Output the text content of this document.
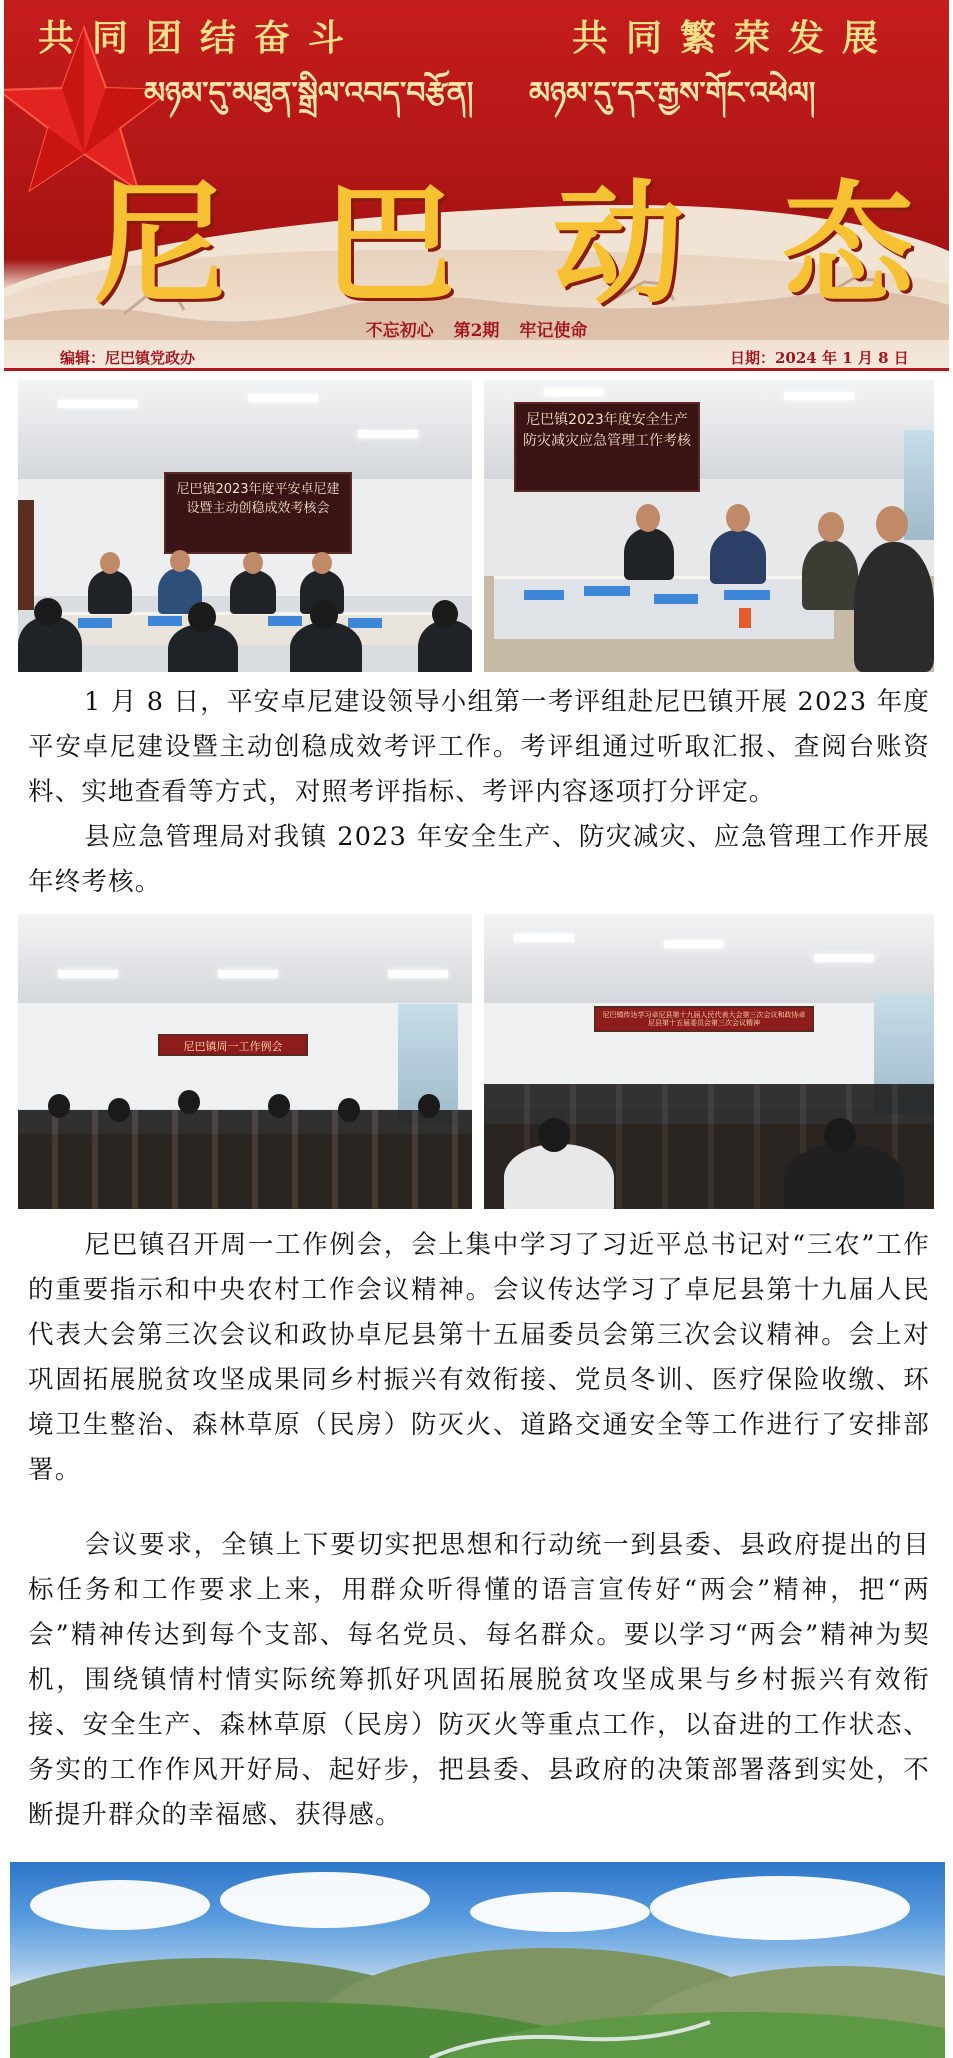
共同团结奋斗	共同繁荣发展
མཉམ་དུ་མཐུན་སྒྲིལ་འབད་བརྩོན། མཉམ་དུ་དར་རྒྱས་གོང་འཕེལ།
尼 巴 动 态
不忘初心 第2期 牢记使命
编辑：尼巴镇党政办	日期：2024 年 1 月 8 日
尼巴镇2023年度平安卓尼建设暨主动创稳成效考核会
尼巴镇2023年度安全生产防灾减灾应急管理工作考核

1 月 8 日，平安卓尼建设领导小组第一考评组赴尼巴镇开展 2023 年度平安卓尼建设暨主动创稳成效考评工作。考评组通过听取汇报、查阅台账资料、实地查看等方式，对照考评指标、考评内容逐项打分评定。

县应急管理局对我镇 2023 年安全生产、防灾减灾、应急管理工作开展年终考核。

尼巴镇周一工作例会
尼巴镇传达学习卓尼县第十九届人民代表大会第三次会议和政协卓尼县第十五届委员会第三次会议精神

尼巴镇召开周一工作例会，会上集中学习了习近平总书记对“三农”工作的重要指示和中央农村工作会议精神。会议传达学习了卓尼县第十九届人民代表大会第三次会议和政协卓尼县第十五届委员会第三次会议精神。会上对巩固拓展脱贫攻坚成果同乡村振兴有效衔接、党员冬训、医疗保险收缴、环境卫生整治、森林草原（民房）防灭火、道路交通安全等工作进行了安排部署。

会议要求，全镇上下要切实把思想和行动统一到县委、县政府提出的目标任务和工作要求上来，用群众听得懂的语言宣传好“两会”精神，把“两会”精神传达到每个支部、每名党员、每名群众。要以学习“两会”精神为契机，围绕镇情村情实际统筹抓好巩固拓展脱贫攻坚成果与乡村振兴有效衔接、安全生产、森林草原（民房）防灭火等重点工作，以奋进的工作状态、务实的工作作风开好局、起好步，把县委、县政府的决策部署落到实处，不断提升群众的幸福感、获得感。
